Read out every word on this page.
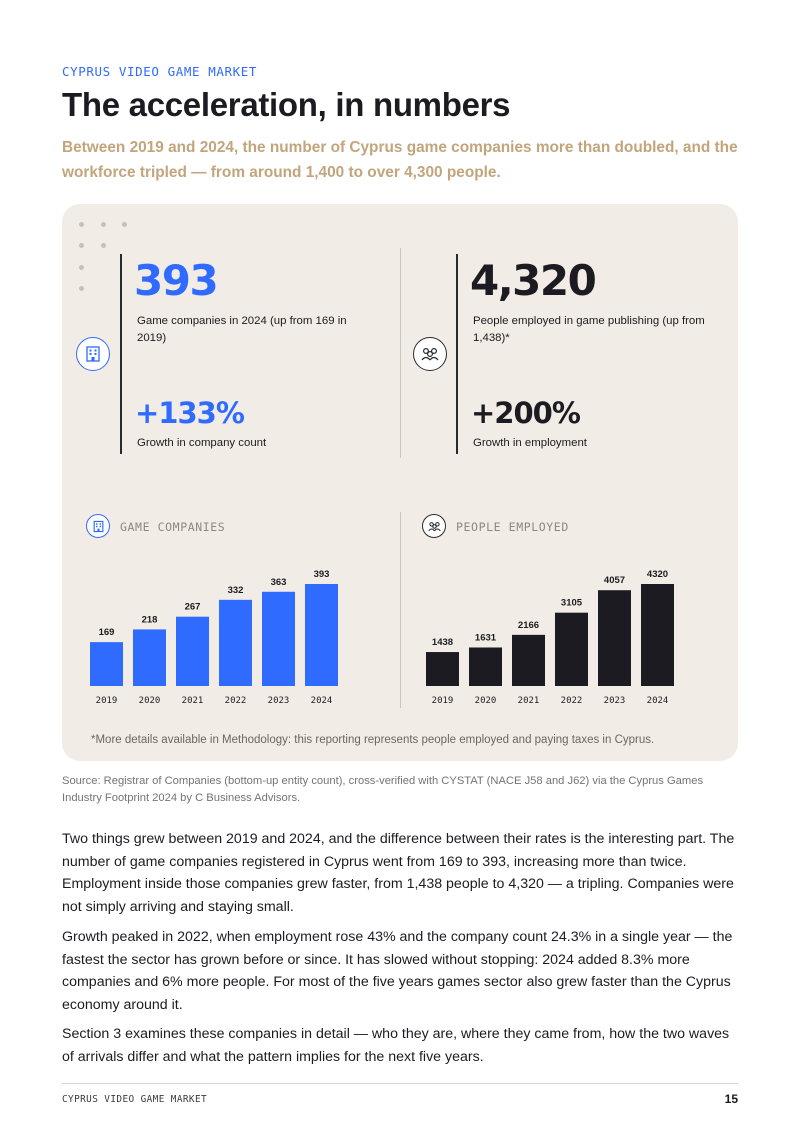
CYPRUS VIDEO GAME MARKET
The acceleration, in numbers
Between 2019 and 2024, the number of Cyprus game companies more than doubled, and the workforce tripled — from around 1,400 to over 4,300 people.
393
Game companies in 2024 (up from 169 in 2019)
+133%
Growth in company count
4,320
People employed in game publishing (up from 1,438)*
+200%
Growth in employment
GAME COMPANIES	PEOPLE EMPLOYED
169
2019
218
2020
267
2021
332
2022
363
2023
393
2024
1438
2019
1631
2020
2166
2021
3105
2022
4057
2023
4320
2024
*More details available in Methodology: this reporting represents people employed and paying taxes in Cyprus.
Source: Registrar of Companies (bottom-up entity count), cross-verified with CYSTAT (NACE J58 and J62) via the Cyprus Games Industry Footprint 2024 by C Business Advisors.
Two things grew between 2019 and 2024, and the difference between their rates is the interesting part. The number of game companies registered in Cyprus went from 169 to 393, increasing more than twice. Employment inside those companies grew faster, from 1,438 people to 4,320 — a tripling. Companies were not simply arriving and staying small.
Growth peaked in 2022, when employment rose 43% and the company count 24.3% in a single year — the fastest the sector has grown before or since. It has slowed without stopping: 2024 added 8.3% more companies and 6% more people. For most of the five years games sector also grew faster than the Cyprus economy around it.
Section 3 examines these companies in detail — who they are, where they came from, how the two waves of arrivals differ and what the pattern implies for the next five years.
CYPRUS VIDEO GAME MARKET	15
